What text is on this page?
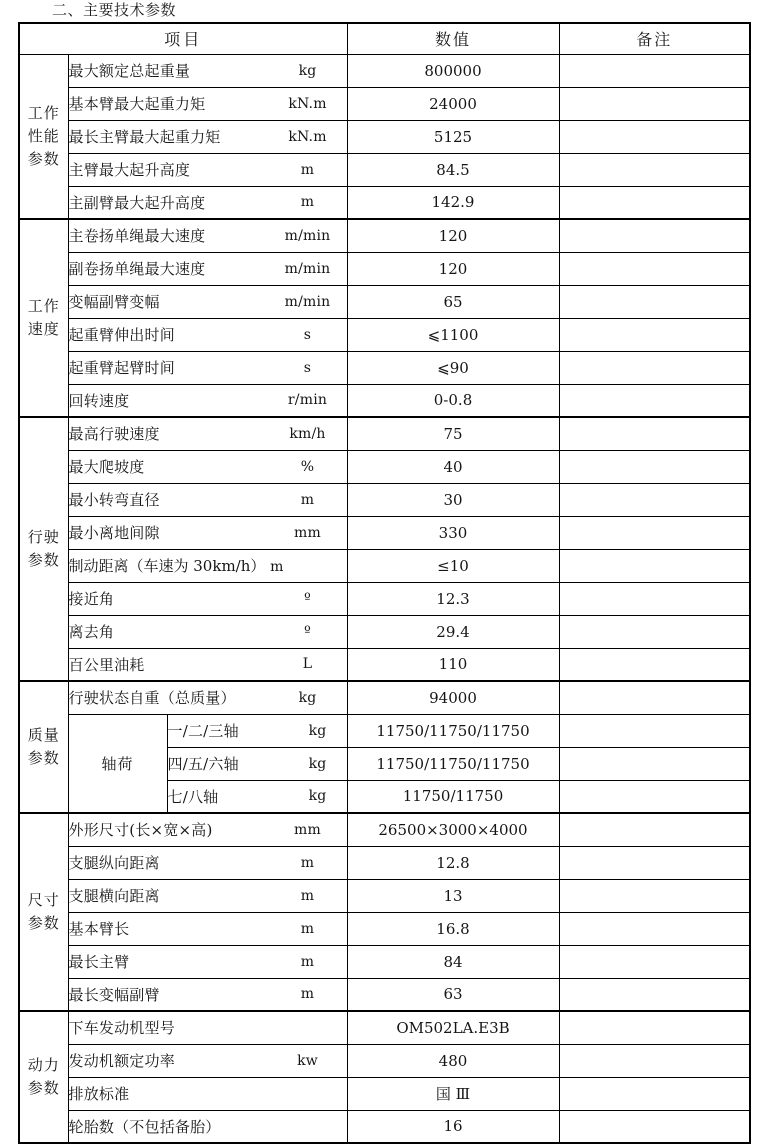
二、主要技术参数
项目			数值	备注
工作性能参数	最大额定总起重量 kg		800000	

	基本臂最大起重力矩 kN.m		24000	

	最长主臂最大起重力矩 kN.m		5125	

	主臂最大起升高度 m		84.5	

	主副臂最大起升高度 m		142.9	
工作速度	主卷扬单绳最大速度 m/min		120	

	副卷扬单绳最大速度 m/min		120	

	变幅副臂变幅 m/min		65	

	起重臂伸出时间 s		⩽1100	

	起重臂起臂时间 s		⩽90	

	回转速度 r/min		0-0.8	
行驶参数	最高行驶速度 km/h		75	

	最大爬坡度 %		40	

	最小转弯直径 m		30	

	最小离地间隙 mm		330	
	制动距离（车速为 30km/h） m		≤10	

	接近角 º		12.3	

	离去角 º		29.4	

	百公里油耗 L		110	
质量参数	行驶状态自重（总质量） kg		94000	
	轴荷	一/二/三轴 kg	11750/11750/11750	

		四/五/六轴 kg	11750/11750/11750	

		七/八轴 kg	11750/11750	
尺寸参数	外形尺寸(长×宽×高) mm		26500×3000×4000	

	支腿纵向距离 m		12.8	

	支腿横向距离 m		13	

	基本臂长 m		16.8	

	最长主臂 m		84	

	最长变幅副臂 m		63	
动力参数	下车发动机型号		OM502LA.E3B	

	发动机额定功率 kw		480	

	排放标准		国 Ⅲ	

	轮胎数（不包括备胎）		16	
